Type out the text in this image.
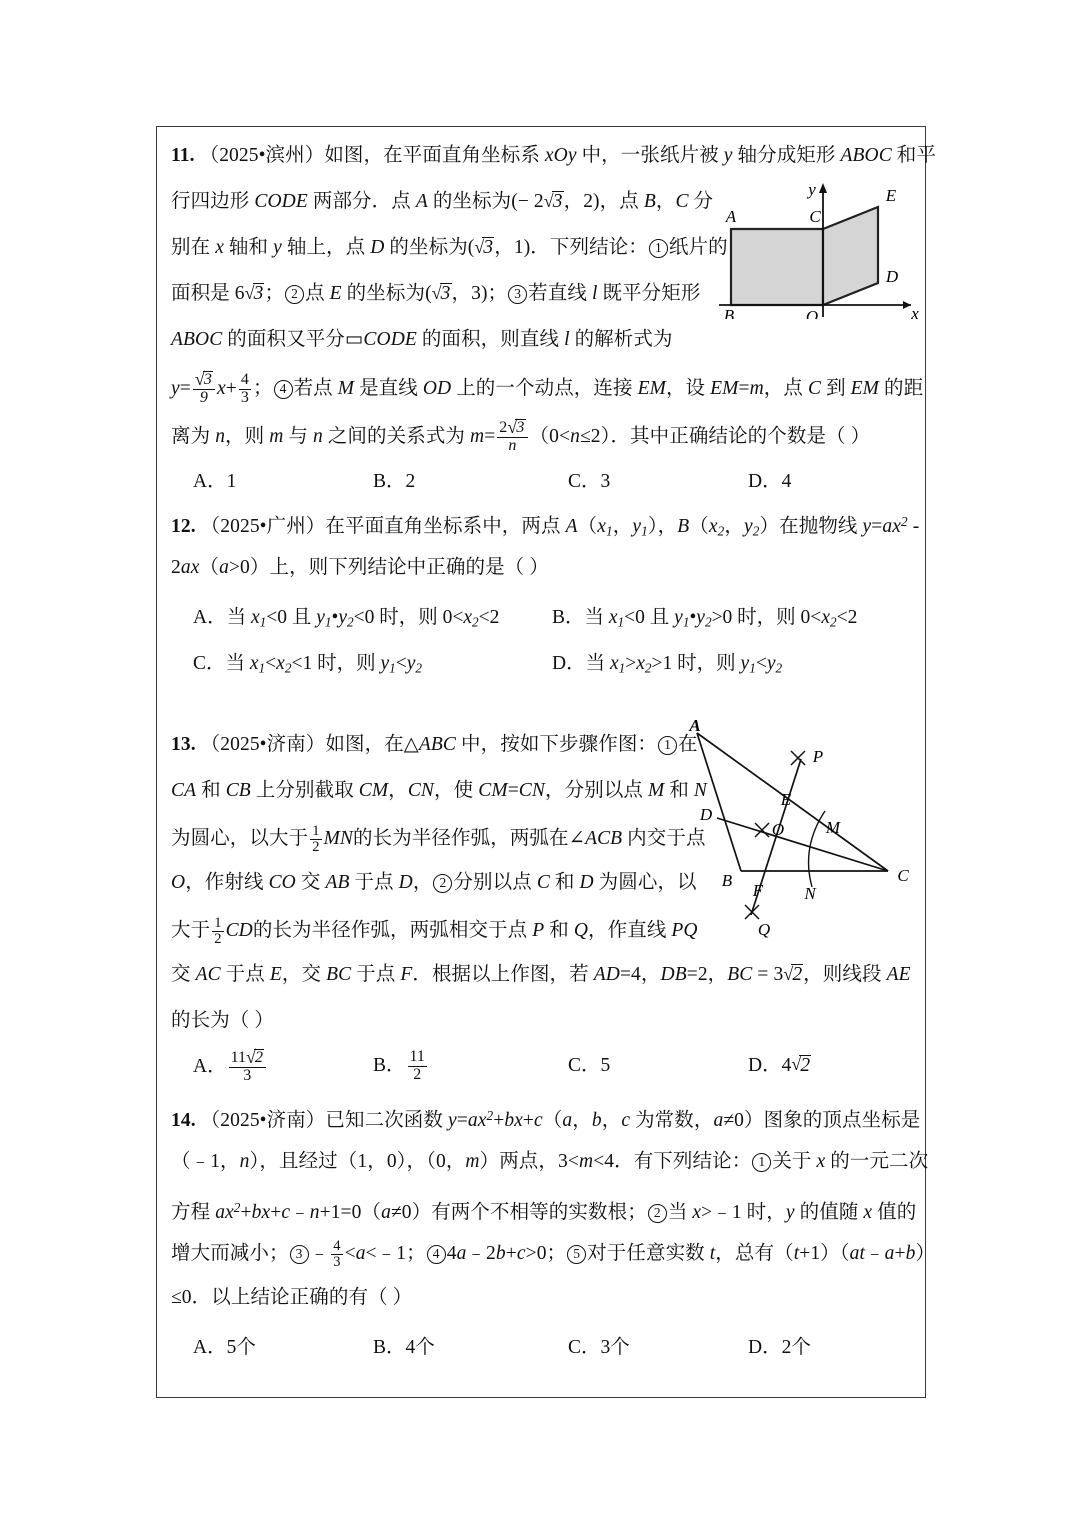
11. （2025•滨州）如图，在平面直角坐标系 xOy 中，一张纸片被 y 轴分成矩形 ABOC 和平
行四边形 CODE 两部分．点 A 的坐标为(− 2 √ 3，2)，点 B，C 分
别在 x 轴和 y 轴上，点 D 的坐标为( √ 3，1)．下列结论： 1 纸片的
面积是 6 √ 3； 2 点 E 的坐标为( √ 3，3)； 3 若直线 l 既平分矩形
ABOC 的面积又平分▭CODE 的面积，则直线 l 的解析式为
y= √ $\frac{3}{9} x+ \frac{4}{3}$ ； 4 若点 M 是直线 OD 上的一个动点，连接 EM，设 EM=m，点 C 到 EM 的距
离为 n，则 m 与 n 之间的关系式为 $m= \frac{2 √ 3}{n} (0<n\le 2)$．其中正确结论的个数是（ ）
A．1	B．2	C．3	D．4
A
B
C
D
E
O	x
y
12. （2025•广州）在平面直角坐标系中，两点 $A(x_1$，$y_1$），$B(x_2$，$y_2$）在抛物线 $y=ax^2$ -
2ax（a>0）上，则下列结论中正确的是（ ）
A．当 $x_1<0$ 且 $y_1•y_2<0$ 时，则 $0<x_2<2$	B．当 $x_1<0$ 且 $y_1•y_2>0$ 时，则 $0<x_2<2$
C．当 $x_1<x_2<1$ 时，则 $y_1<y_2$	D．当 $x_1>x_2>1$ 时，则 $y_1<y_2$
13. （2025•济南）如图，在△ABC 中，按如下步骤作图： 1 在
CA 和 CB 上分别截取 CM，CN，使 CM=CN，分别以点 M 和 N
为圆心，以大于 $\frac{1}{2}$ MN的长为半径作弧，两弧在∠ACB 内交于点
O，作射线 CO 交 AB 于点 D， 2 分别以点 C 和 D 为圆心，以
大于 $\frac{1}{2}$ CD的长为半径作弧，两弧相交于点 P 和 Q，作直线 PQ
交 AC 于点 E，交 BC 于点 F．根据以上作图，若 AD=4，DB=2，BC = 3 √ 2，则线段 AE
的长为（ ）
A． $\frac{11 √ 2}{3}$	B． $\frac{11}{2}$	C．5	D．4 √ 2
A
B	C
D
E
F
M
N
O
P
Q
14. （2025•济南）已知二次函数 $y=ax^2+bx+c(a$，b，c 为常数，a≠0）图象的顶点坐标是
（﹣1，n），且经过（1，0），（0，m）两点，3<m<4．有下列结论： 1 关于 x 的一元二次
方程 $ax^2+bx+c﹣n+1=0(a\ne 0)$有两个不相等的实数根； 2 当 x>﹣1 时，y 的值随 x 值的
增大而减小； 3 ﹣ $\frac{4}{3}$ <a<﹣1； 4 4a﹣2b+c>0； 5 对于任意实数 t，总有（t+1）（at﹣a+b）
≤0．以上结论正确的有（ ）
A．5个	B．4个	C．3个	D．2个
